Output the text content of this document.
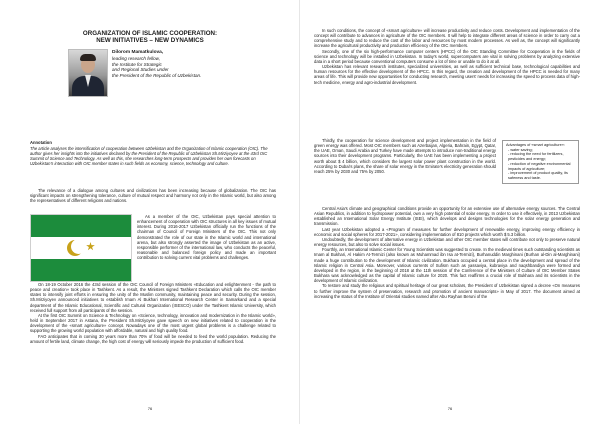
ORGANIZATION OF ISLAMIC COOPERATION:

NEW INITIATIVES – NEW DYNAMICS

Dilorom Mamatkulova,

leading research fellow,

the Institute for Strategic

and Regional Studies under

the President of the Republic of Uzbekistan.

Annotation

The article analyses the intensification of cooperation between Uzbekistan and the Organization of Islamic cooperation (OIC). The author gives her insights into the initiatives declared by the President of the Republic of Uzbekistan Sh.Mirziyoyev at the 43rd OIC Summit of Science and Technology. As well as this, she researches long-term prospects and provides her own forecasts on Uzbekistan's interaction with OIC member states in such fields as economy, science, technology and culture.

The relevance of a dialogue among cultures and civilizations has been increasing because of globalization. The OIC has significant impacts on strengthening tolerance, culture of mutual respect and harmony not only in the Islamic world, but also among the representatives of different religions and nations.

As a member of the OIC, Uzbekistan pays special attention to enhancement of cooperation with OIC structures in all key issues of mutual interest. During 2016-2017 Uzbekistan officially run the functions of the chairman of Council of Foreign Ministers of the OIC. This not only demonstrated the role of our state in the Islamic world and international arena, but also strongly asserted the image of Uzbekistan as an active, responsible performer of the international law, who conducts the peaceful, reasonable and balanced foreign policy and made an important contribution to solving current vital problems and challenges.

On 18-19 October 2016 the 43rd session of the OIC Council of Foreign Ministers «Education and enlightenment - the path to peace and creation» took place in Tashkent. As a result, the Ministers signed Tashkent Declaration which calls the OIC member states to intensify joint efforts in ensuring the unity of the Muslim community, maintaining peace and security. During the session, Sh.Mirziyoyev announced initiatives to establish Imam Al Bukhari International Research Center in Samarkand and a special department of the Islamic Educational, Scientific and Cultural Organization (ISESCO) under the Tashkent Islamic University, which received full support from all participants of the session.

At the first OIC Summit on Science & Technology on «Science, technology, innovation and modernization in the Islamic world», held in September 2017 in Astana, the President Sh.Mirziyoyev gave speech on new initiatives related to cooperation in the development of the «smart agriculture» concept. Nowadays one of the most urgent global problems is a challenge related to supporting the growing world population with affordable, natural and high quality food.

FAO anticipates that in coming 30 years more than 70% of food will be needed to feed the world population. Reducing the amount of fertile land, climate change, the high cost of energy will seriously impede the production of sufficient food.

76

In such conditions, the concept of «smart agriculture» will increase productivity and reduce costs. Development and implementation of the concept will contribute to advances in agriculture of the OIC members. It will help to integrate different areas of science in order to carry out a comprehensive study and to reduce the cost of the labor and resources by most modern processes. As well as, the concept will significantly increase the agricultural productivity and production efficiency of the OIC members.

Secondly, one of the six high-performance computer centers (HPCC) of the OIC Standing Committee for Cooperation in the fields of science and technology will be installed in Uzbekistan. In today's world, supercomputers are vital in solving problems by analyzing extensive data in a short period because conventional computers consume a lot of time or unable to do it at all.

Uzbekistan has relevant research institutes, specialized universities, as well as sufficient technical base, technological capabilities and human resources for the effective development of the HPCC. In this regard, the creation and development of the HPCC is needed for many areas of life. This will provide new opportunities for conducting research, meeting users' needs for increasing the speed to process data of high-tech medicine, energy and agro-industrial development.

Thirdly, the cooperation for science development and project implementation in the field of green energy was offered. Most OIC members such as Azerbaijan, Algeria, Bahrain, Egypt, Qatar, the UAE, Oman, Saudi Arabia and Turkey have made attempts to introduce non-traditional energy sources into their development programs. Particularly, the UAE has been implementing a project worth about $ 4 billion, which considers the largest solar power plant construction in the world. According to Dubai's plans, the share of solar energy in the Emirate's electricity generation should reach 25% by 2030 and 75% by 2050.

Advantages of «smart agriculture»:

- water saving;

- reducing the need for fertilizers, pesticides and energy;

- reduction of negative environmental impacts of agriculture;

- improvement of product quality, its safeness and taste.

Central Asia's climate and geographical conditions provide an opportunity for an extensive use of alternative energy sources. The Central Asian Republics, in addition to hydropower potential, own a very high potential of solar energy. In order to use it effectively, in 2013 Uzbekistan established an International Solar Energy Institute (ISEI), which develops and designs technologies for the solar energy generation and transmission.

Last year Uzbekistan adopted a «Program of measures for further development of renewable energy, improving energy efficiency in economic and social spheres for 2017-2021», considering implementation of 810 projects which worth $ 5.3 billion.

Undoubtedly, the development of alternative energy in Uzbekistan and other OIC member states will contribute not only to preserve natural energy resources, but also to solve social issues.

Fourthly, an International Islamic Center for Young Scientists was suggested to create. In the medieval times such outstanding scientists as Imam al Bukhari, Al Hakim At-Termizi (also known as Muhammad ibn Isa at-Termizi), Burhanuddin Marghinani (Burhan al-Din al-Marghinani) made a huge contribution to the development of Islamic civilization. Bukhara occupied a central place in the development and spread of the Islamic religion in Central Asia. Moreover, various currents of Sufism such as yassaviya, kubraviya and naqshbandiya were formed and developed in the region, in the beginning of 2018 at the 11th session of the Conference of the Ministers of Culture of OIC Member States Bukhara was acknowledged as the capital of Islamic culture for 2020. This fact reaffirms a crucial role of Bukhara and its scientists in the development of Islamic civilization.

To restore and study the religious and spiritual heritage of our great scholars, the President of Uzbekistan signed a decree «On measures to further improve the system of preservation, research and promotion of ancient manuscripts» in May of 2017. The document aimed at increasing the status of the Institute of Oriental studies named after Abu Rayhan Beruni of the

76
